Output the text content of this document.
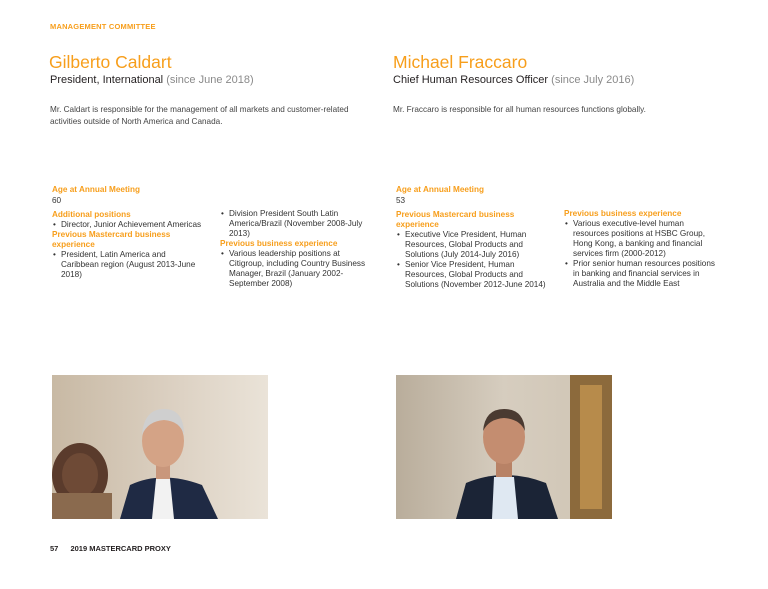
MANAGEMENT COMMITTEE
Gilberto Caldart
President, International (since June 2018)
Mr. Caldart is responsible for the management of all markets and customer-related activities outside of North America and Canada.
Age at Annual Meeting
60
Additional positions
• Director, Junior Achievement Americas
Previous Mastercard business experience
• President, Latin America and Caribbean region (August 2013-June 2018)
• Division President South Latin America/Brazil (November 2008-July 2013)
Previous business experience
• Various leadership positions at Citigroup, including Country Business Manager, Brazil (January 2002-September 2008)
Michael Fraccaro
Chief Human Resources Officer (since July 2016)
Mr. Fraccaro is responsible for all human resources functions globally.
Age at Annual Meeting
53
Previous Mastercard business experience
• Executive Vice President, Human Resources, Global Products and Solutions (July 2014-July 2016)
• Senior Vice President, Human Resources, Global Products and Solutions (November 2012-June 2014)
Previous business experience
• Various executive-level human resources positions at HSBC Group, Hong Kong, a banking and financial services firm (2000-2012)
• Prior senior human resources positions in banking and financial services in Australia and the Middle East
57 2019 MASTERCARD PROXY
